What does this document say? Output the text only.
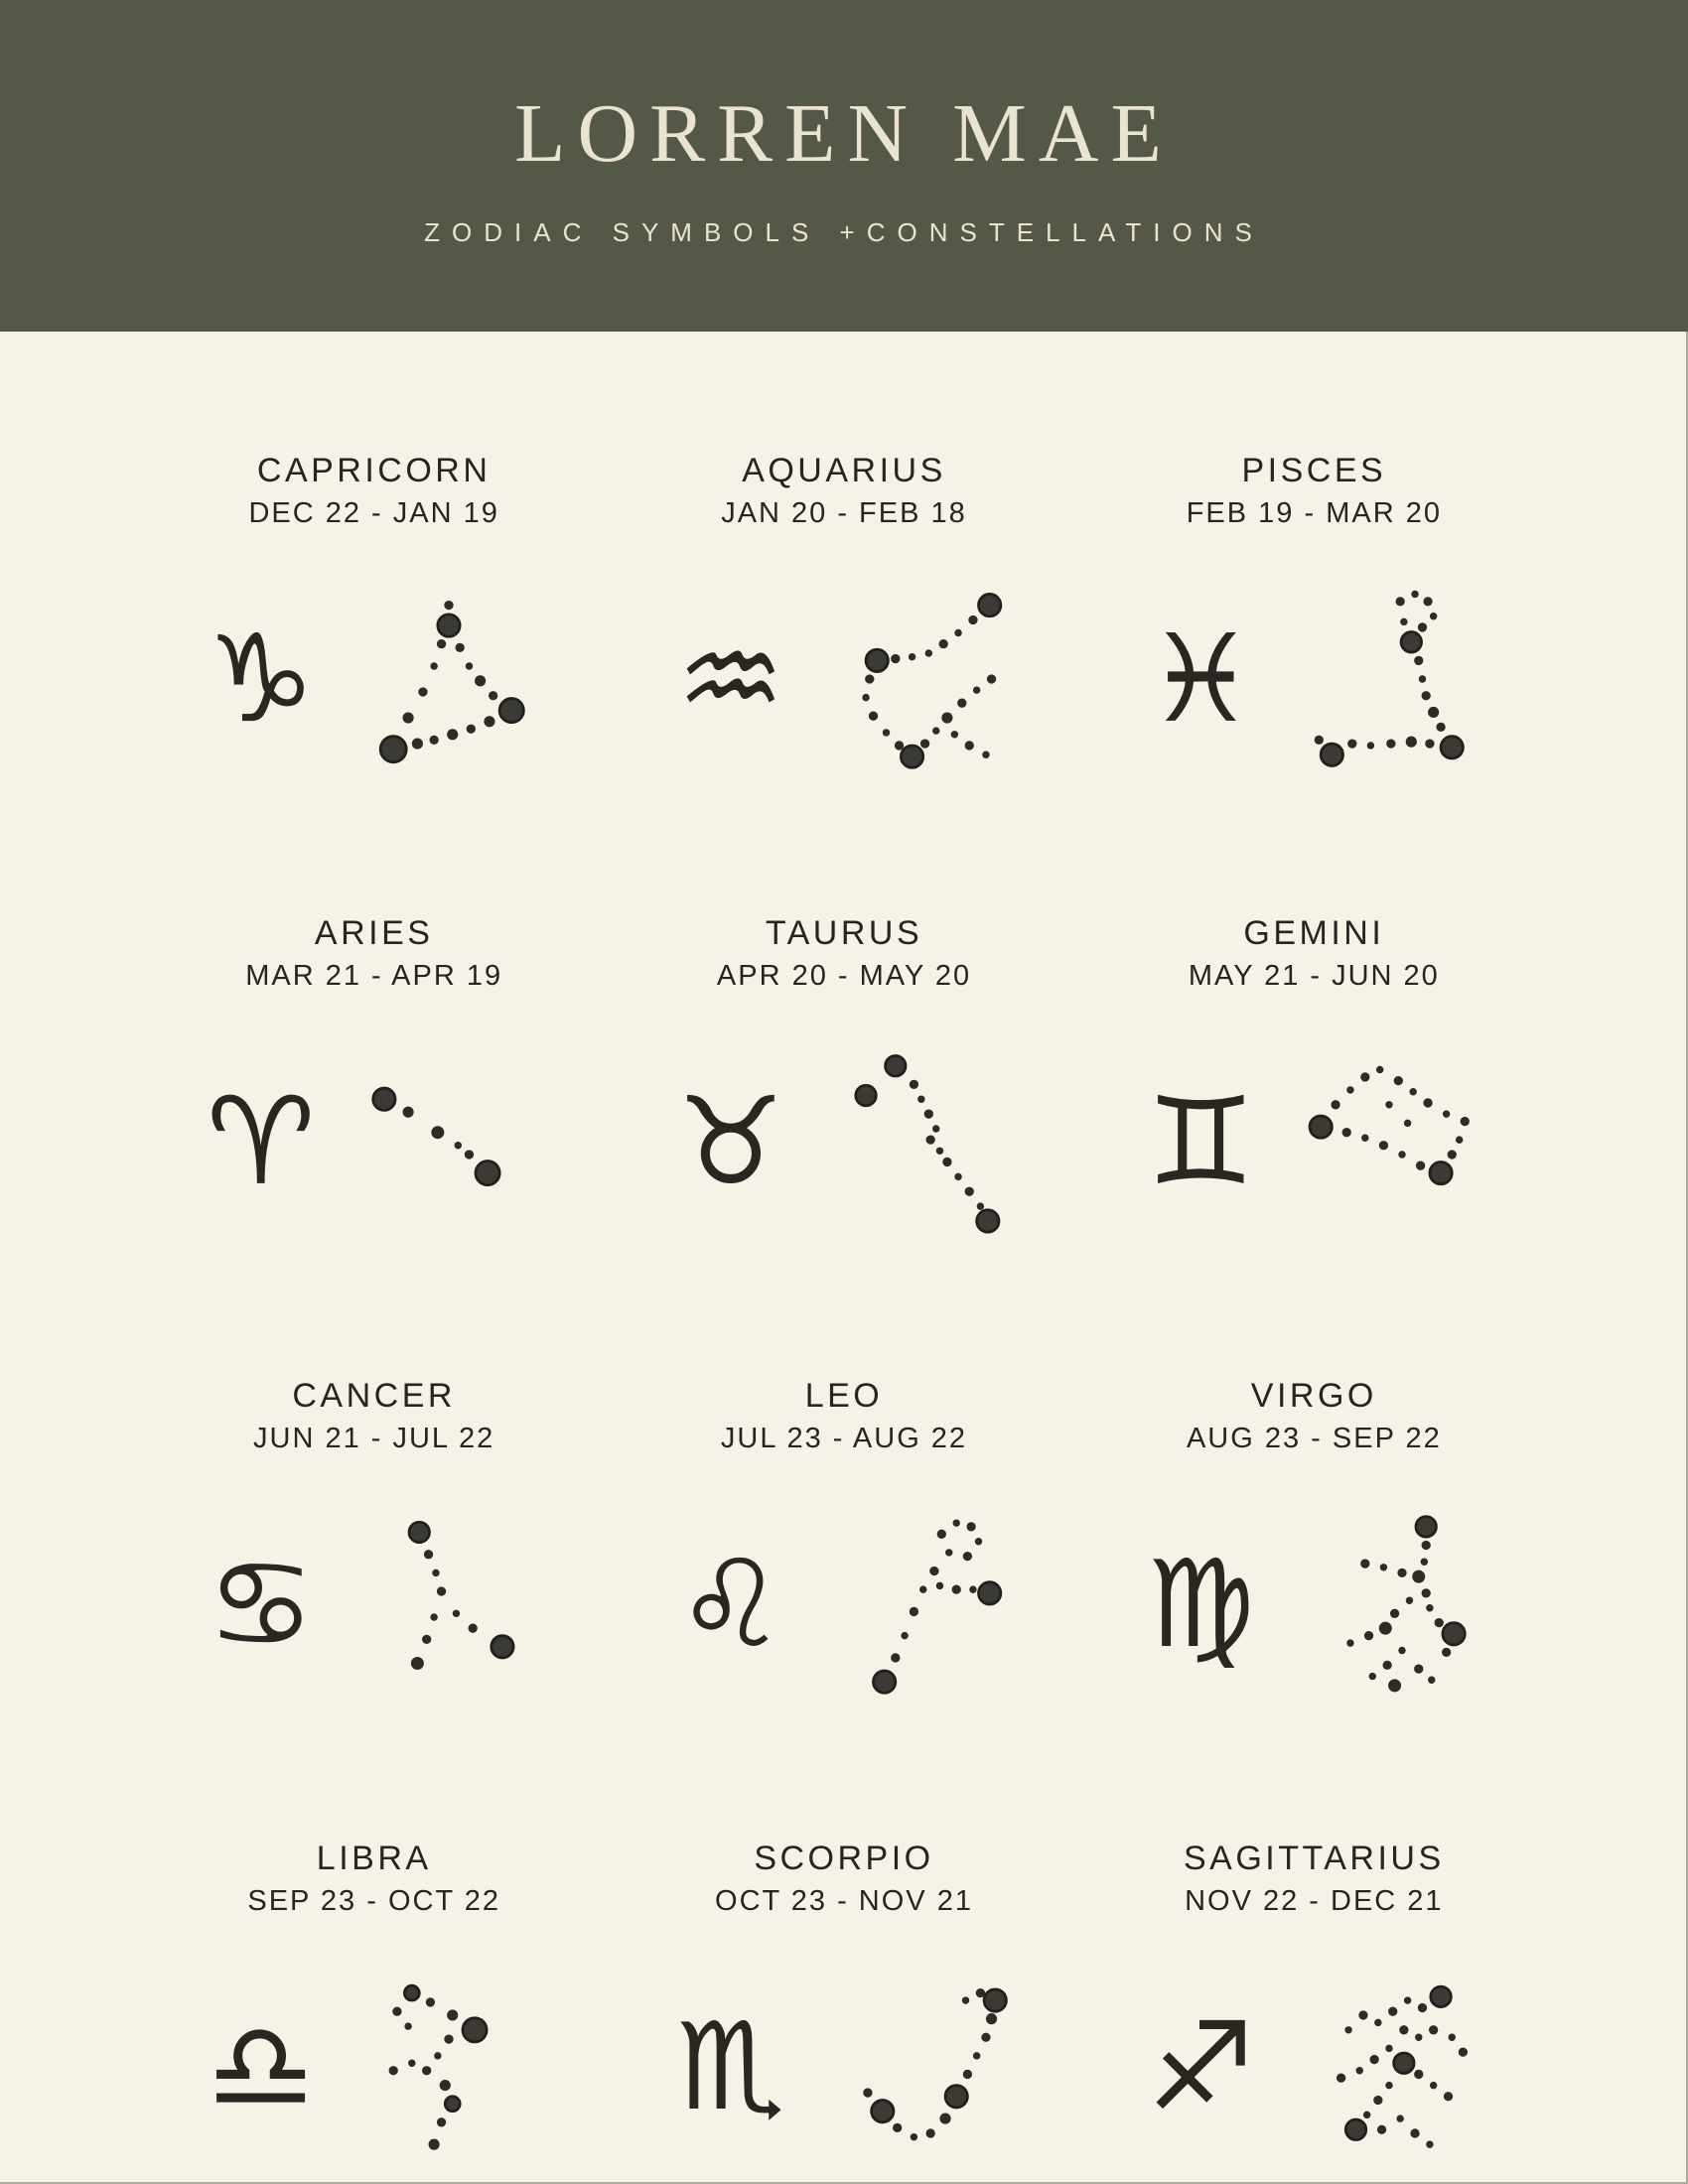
LORREN MAE
ZODIAC SYMBOLS +CONSTELLATIONS
CAPRICORN
DEC 22 - JAN 19
♑
AQUARIUS
JAN 20 - FEB 18
♒
PISCES
FEB 19 - MAR 20
♓
ARIES
MAR 21 - APR 19
♈
TAURUS
APR 20 - MAY 20
♉
GEMINI
MAY 21 - JUN 20
♊
CANCER
JUN 21 - JUL 22
♋
LEO
JUL 23 - AUG 22
♌
VIRGO
AUG 23 - SEP 22
♍
LIBRA
SEP 23 - OCT 22
♎
SCORPIO
OCT 23 - NOV 21
♏
SAGITTARIUS
NOV 22 - DEC 21
♐
